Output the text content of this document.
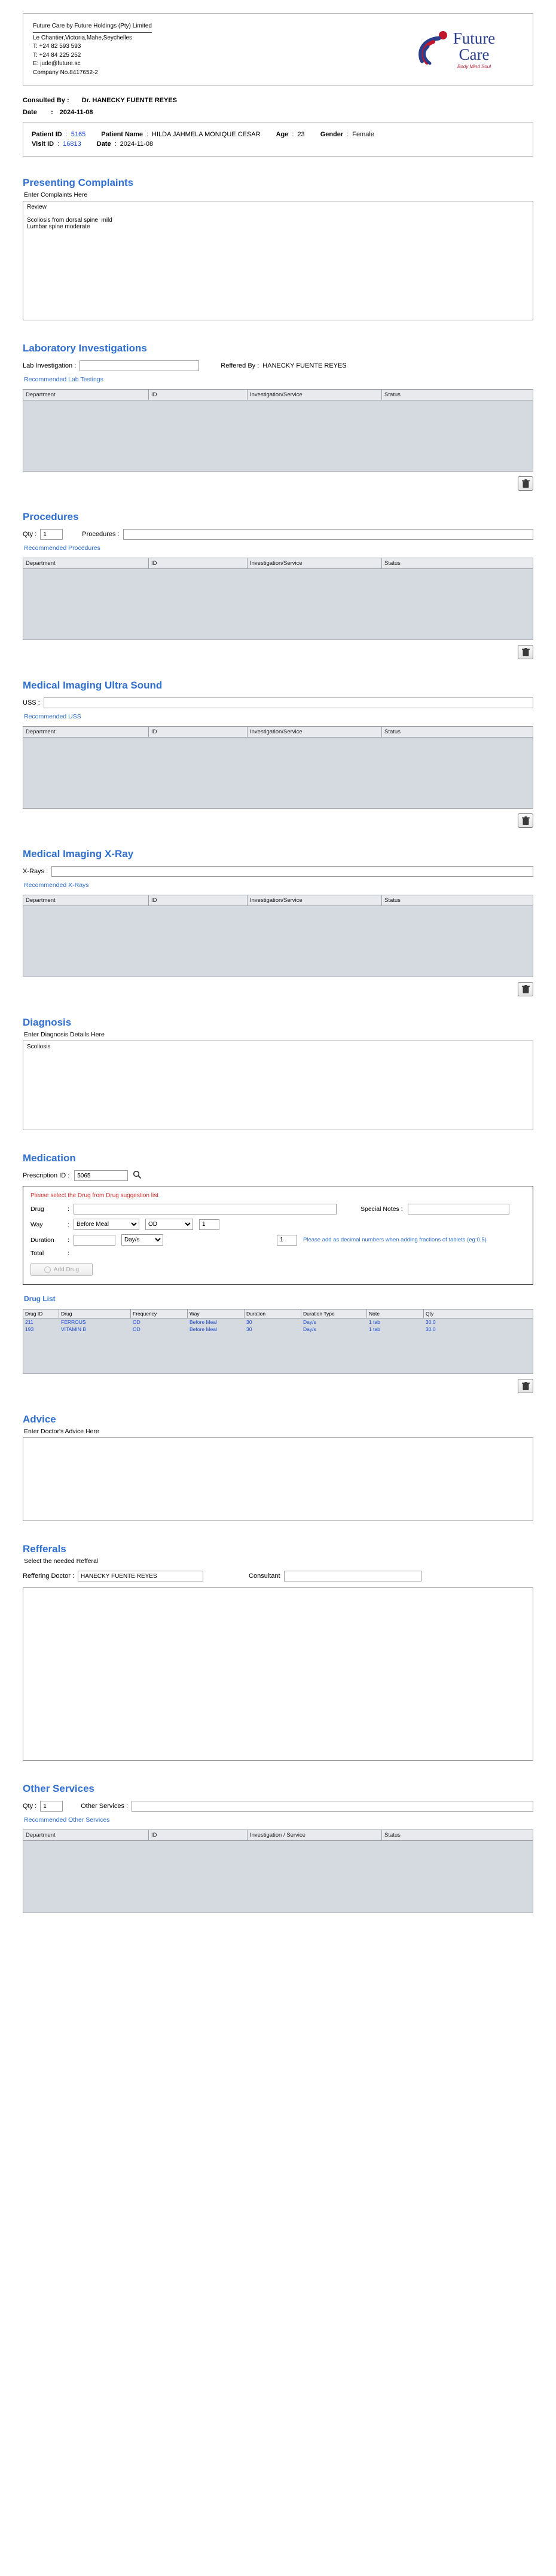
Future Care by Future Holdings (Pty) Limited
Le Chantier,Victoria,Mahe,Seychelles
T: +24 82 593 593
T: +24 84 225 252
E: jude@future.sc
Company No.8417652-2
Future
Care
Body Mind Soul
Consulted By : Dr. HANECKY FUENTE REYES
Date : 2024-11-08
Patient ID : 5165 Patient Name : HILDA JAHMELA MONIQUE CESAR Age : 23 Gender : Female
Visit ID : 16813 Date : 2024-11-08
Presenting Complaints
Enter Complaints Here
Review Scoliosis from dorsal spine mild Lumbar spine moderate
Laboratory Investigations
Lab Investigation :	Reffered By : HANECKY FUENTE REYES
Recommended Lab Testings
Department	ID	Investigation/Service	Status
Procedures
Qty :
1	Procedures :
Recommended Procedures
Department	ID	Investigation/Service	Status
Medical Imaging Ultra Sound
USS :
Recommended USS
Department	ID	Investigation/Service	Status
Medical Imaging X-Ray
X-Rays :
Recommended X-Rays
Department	ID	Investigation/Service	Status
Diagnosis
Enter Diagnosis Details Here
Scoliosis
Medication
Prescription ID :
5065
Please select the Drug from Drug suggestion list
Drug	:	Special Notes :
Way	:
Before Meal
OD
1
Duration	:
Day/s
1	Please add as decimal numbers when adding fractions of tablets (eg:0.5)
Total	:
Add Drug
Drug List
Drug ID	Drug	Frequency	Way	Duration	Duration Type	Note	Qty
211	FERROUS	OD	Before Meal	30	Day/s	1 tab	30.0
193	VITAMIN B	OD	Before Meal	30	Day/s	1 tab	30.0
Advice
Enter Doctor's Advice Here
Refferals
Select the needed Refferal
Reffering Doctor :
HANECKY FUENTE REYES	Consultant
Other Services
Qty :
1	Other Services :
Recommended Other Services
Department	ID	Investigation / Service	Status
